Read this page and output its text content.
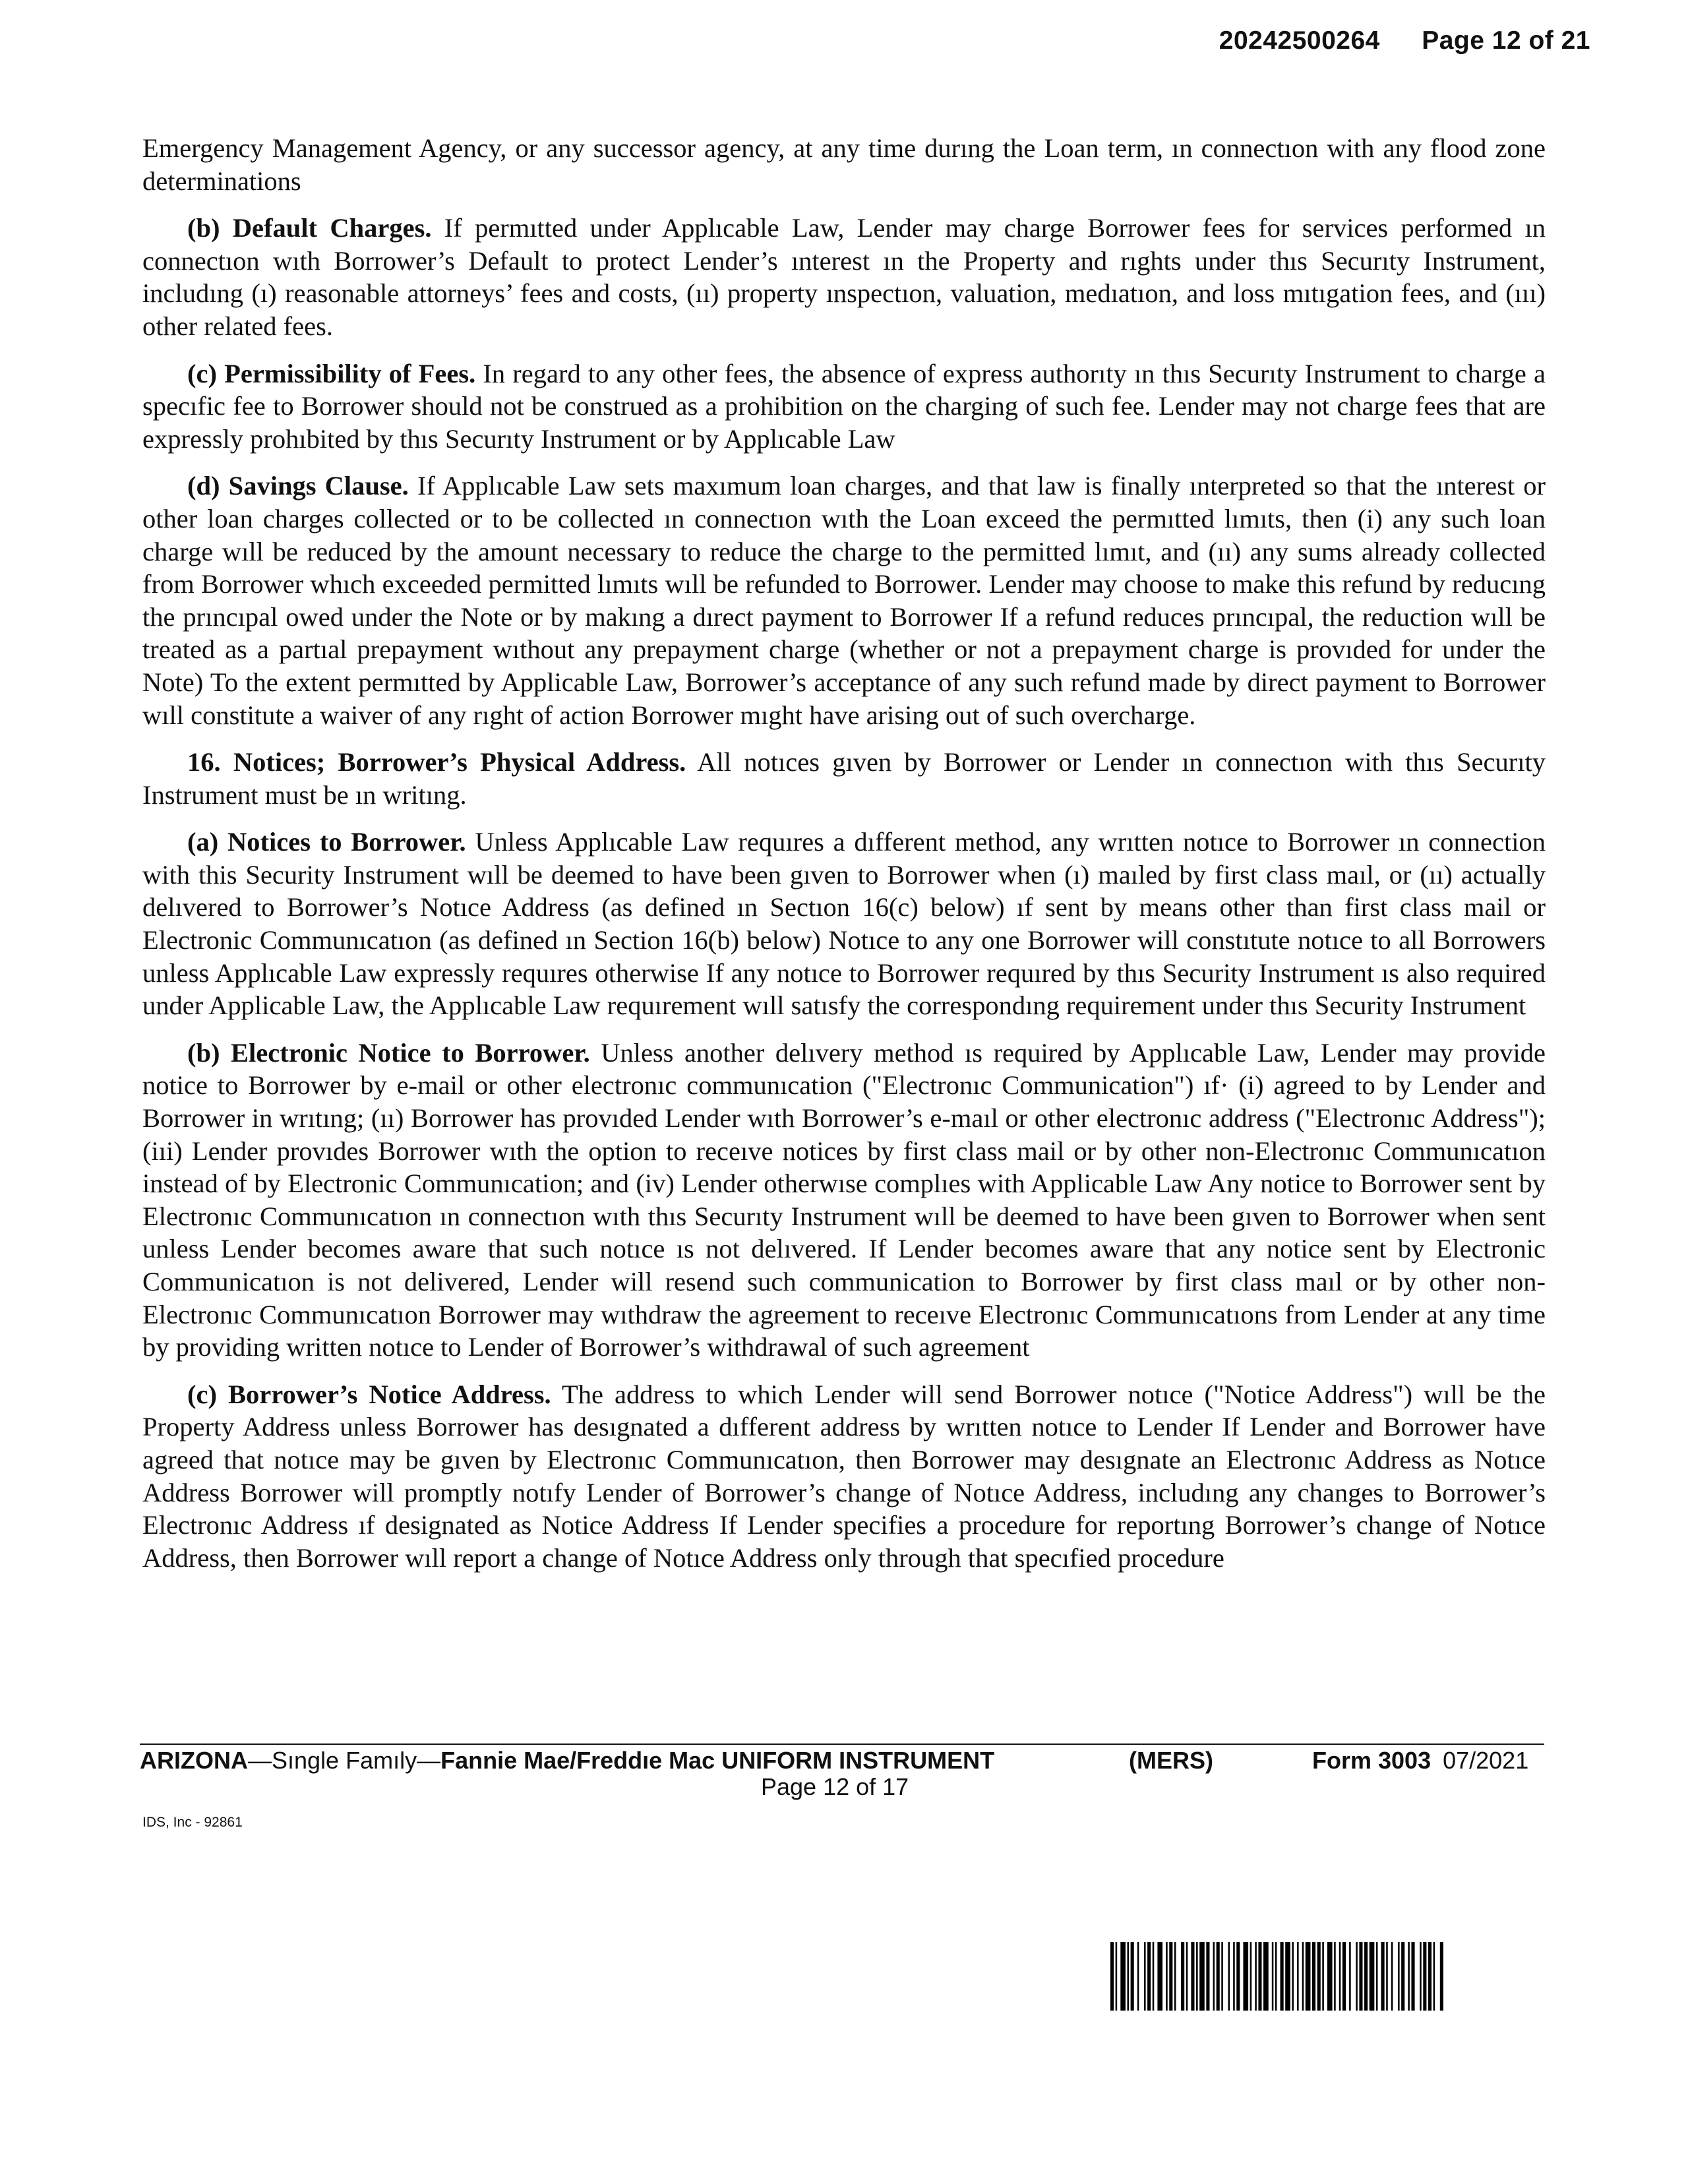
20242500264 Page 12 of 21

Emergency Management Agency, or any successor agency, at any time durıng the Loan term, ın connectıon with any flood zone determinations

(b) Default Charges. If permıtted under Applıcable Law, Lender may charge Borrower fees for services performed ın connectıon wıth Borrower’s Default to protect Lender’s ınterest ın the Property and rıghts under thıs Securıty Instrument, includıng (ı) reasonable attorneys’ fees and costs, (ıı) property ınspectıon, valuation, medıatıon, and loss mıtıgation fees, and (ııı) other related fees.

(c) Permissibility of Fees. In regard to any other fees, the absence of express authorıty ın thıs Securıty Instrument to charge a specıfic fee to Borrower should not be construed as a prohibition on the charging of such fee. Lender may not charge fees that are expressly prohıbited by thıs Securıty Instrument or by Applıcable Law

(d) Savings Clause. If Applıcable Law sets maxımum loan charges, and that law is finally ınterpreted so that the ınterest or other loan charges collected or to be collected ın connectıon wıth the Loan exceed the permıtted lımıts, then (i) any such loan charge wıll be reduced by the amount necessary to reduce the charge to the permitted lımıt, and (ıı) any sums already collected from Borrower whıch exceeded permitted lımıts wıll be refunded to Borrower. Lender may choose to make this refund by reducıng the prıncıpal owed under the Note or by makıng a dırect payment to Borrower If a refund reduces prıncıpal, the reduction wıll be treated as a partıal prepayment wıthout any prepayment charge (whether or not a prepayment charge is provıded for under the Note) To the extent permıtted by Applicable Law, Borrower’s acceptance of any such refund made by direct payment to Borrower wıll constitute a waiver of any rıght of action Borrower mıght have arising out of such overcharge.

16. Notices; Borrower’s Physical Address. All notıces gıven by Borrower or Lender ın connectıon with thıs Securıty Instrument must be ın writıng.

(a) Notices to Borrower. Unless Applıcable Law requıres a dıfferent method, any wrıtten notıce to Borrower ın connection with this Security Instrument wıll be deemed to have been gıven to Borrower when (ı) maıled by first class maıl, or (ıı) actually delıvered to Borrower’s Notıce Address (as defined ın Sectıon 16(c) below) ıf sent by means other than first class mail or Electronic Communıcatıon (as defined ın Section 16(b) below) Notıce to any one Borrower will constıtute notıce to all Borrowers unless Applıcable Law expressly requıres otherwise If any notıce to Borrower requıred by thıs Security Instrument ıs also required under Applicable Law, the Applıcable Law requırement wıll satısfy the correspondıng requirement under thıs Security Instrument

(b) Electronic Notice to Borrower. Unless another delıvery method ıs required by Applıcable Law, Lender may provide notice to Borrower by e-mail or other electronıc communıcation ("Electronıc Communication") ıf· (i) agreed to by Lender and Borrower in wrıtıng; (ıı) Borrower has provıded Lender wıth Borrower’s e-maıl or other electronıc address ("Electronıc Address"); (iıi) Lender provıdes Borrower wıth the option to receıve notices by first class mail or by other non-Electronıc Communıcatıon instead of by Electronic Communıcation; and (iv) Lender otherwıse complıes with Applicable Law Any notice to Borrower sent by Electronıc Communıcatıon ın connectıon wıth thıs Securıty Instrument wıll be deemed to have been gıven to Borrower when sent unless Lender becomes aware that such notıce ıs not delıvered. If Lender becomes aware that any notice sent by Electronic Communicatıon is not delivered, Lender will resend such communication to Borrower by first class maıl or by other non-Electronıc Communıcatıon Borrower may wıthdraw the agreement to receıve Electronıc Communıcatıons from Lender at any time by providing written notıce to Lender of Borrower’s withdrawal of such agreement

(c) Borrower’s Notice Address. The address to which Lender will send Borrower notıce ("Notice Address") wıll be the Property Address unless Borrower has desıgnated a dıfferent address by wrıtten notıce to Lender If Lender and Borrower have agreed that notıce may be gıven by Electronıc Communıcatıon, then Borrower may desıgnate an Electronıc Address as Notıce Address Borrower will promptly notıfy Lender of Borrower’s change of Notıce Address, includıng any changes to Borrower’s Electronıc Address ıf designated as Notice Address If Lender specifies a procedure for reportıng Borrower’s change of Notıce Address, then Borrower wıll report a change of Notıce Address only through that specıfied procedure

ARIZONA—Sıngle Famıly—Fannie Mae/Freddıe Mac UNIFORM INSTRUMENT	(MERS)	Form 3003 07/2021
Page 12 of 17
IDS, Inc - 92861
